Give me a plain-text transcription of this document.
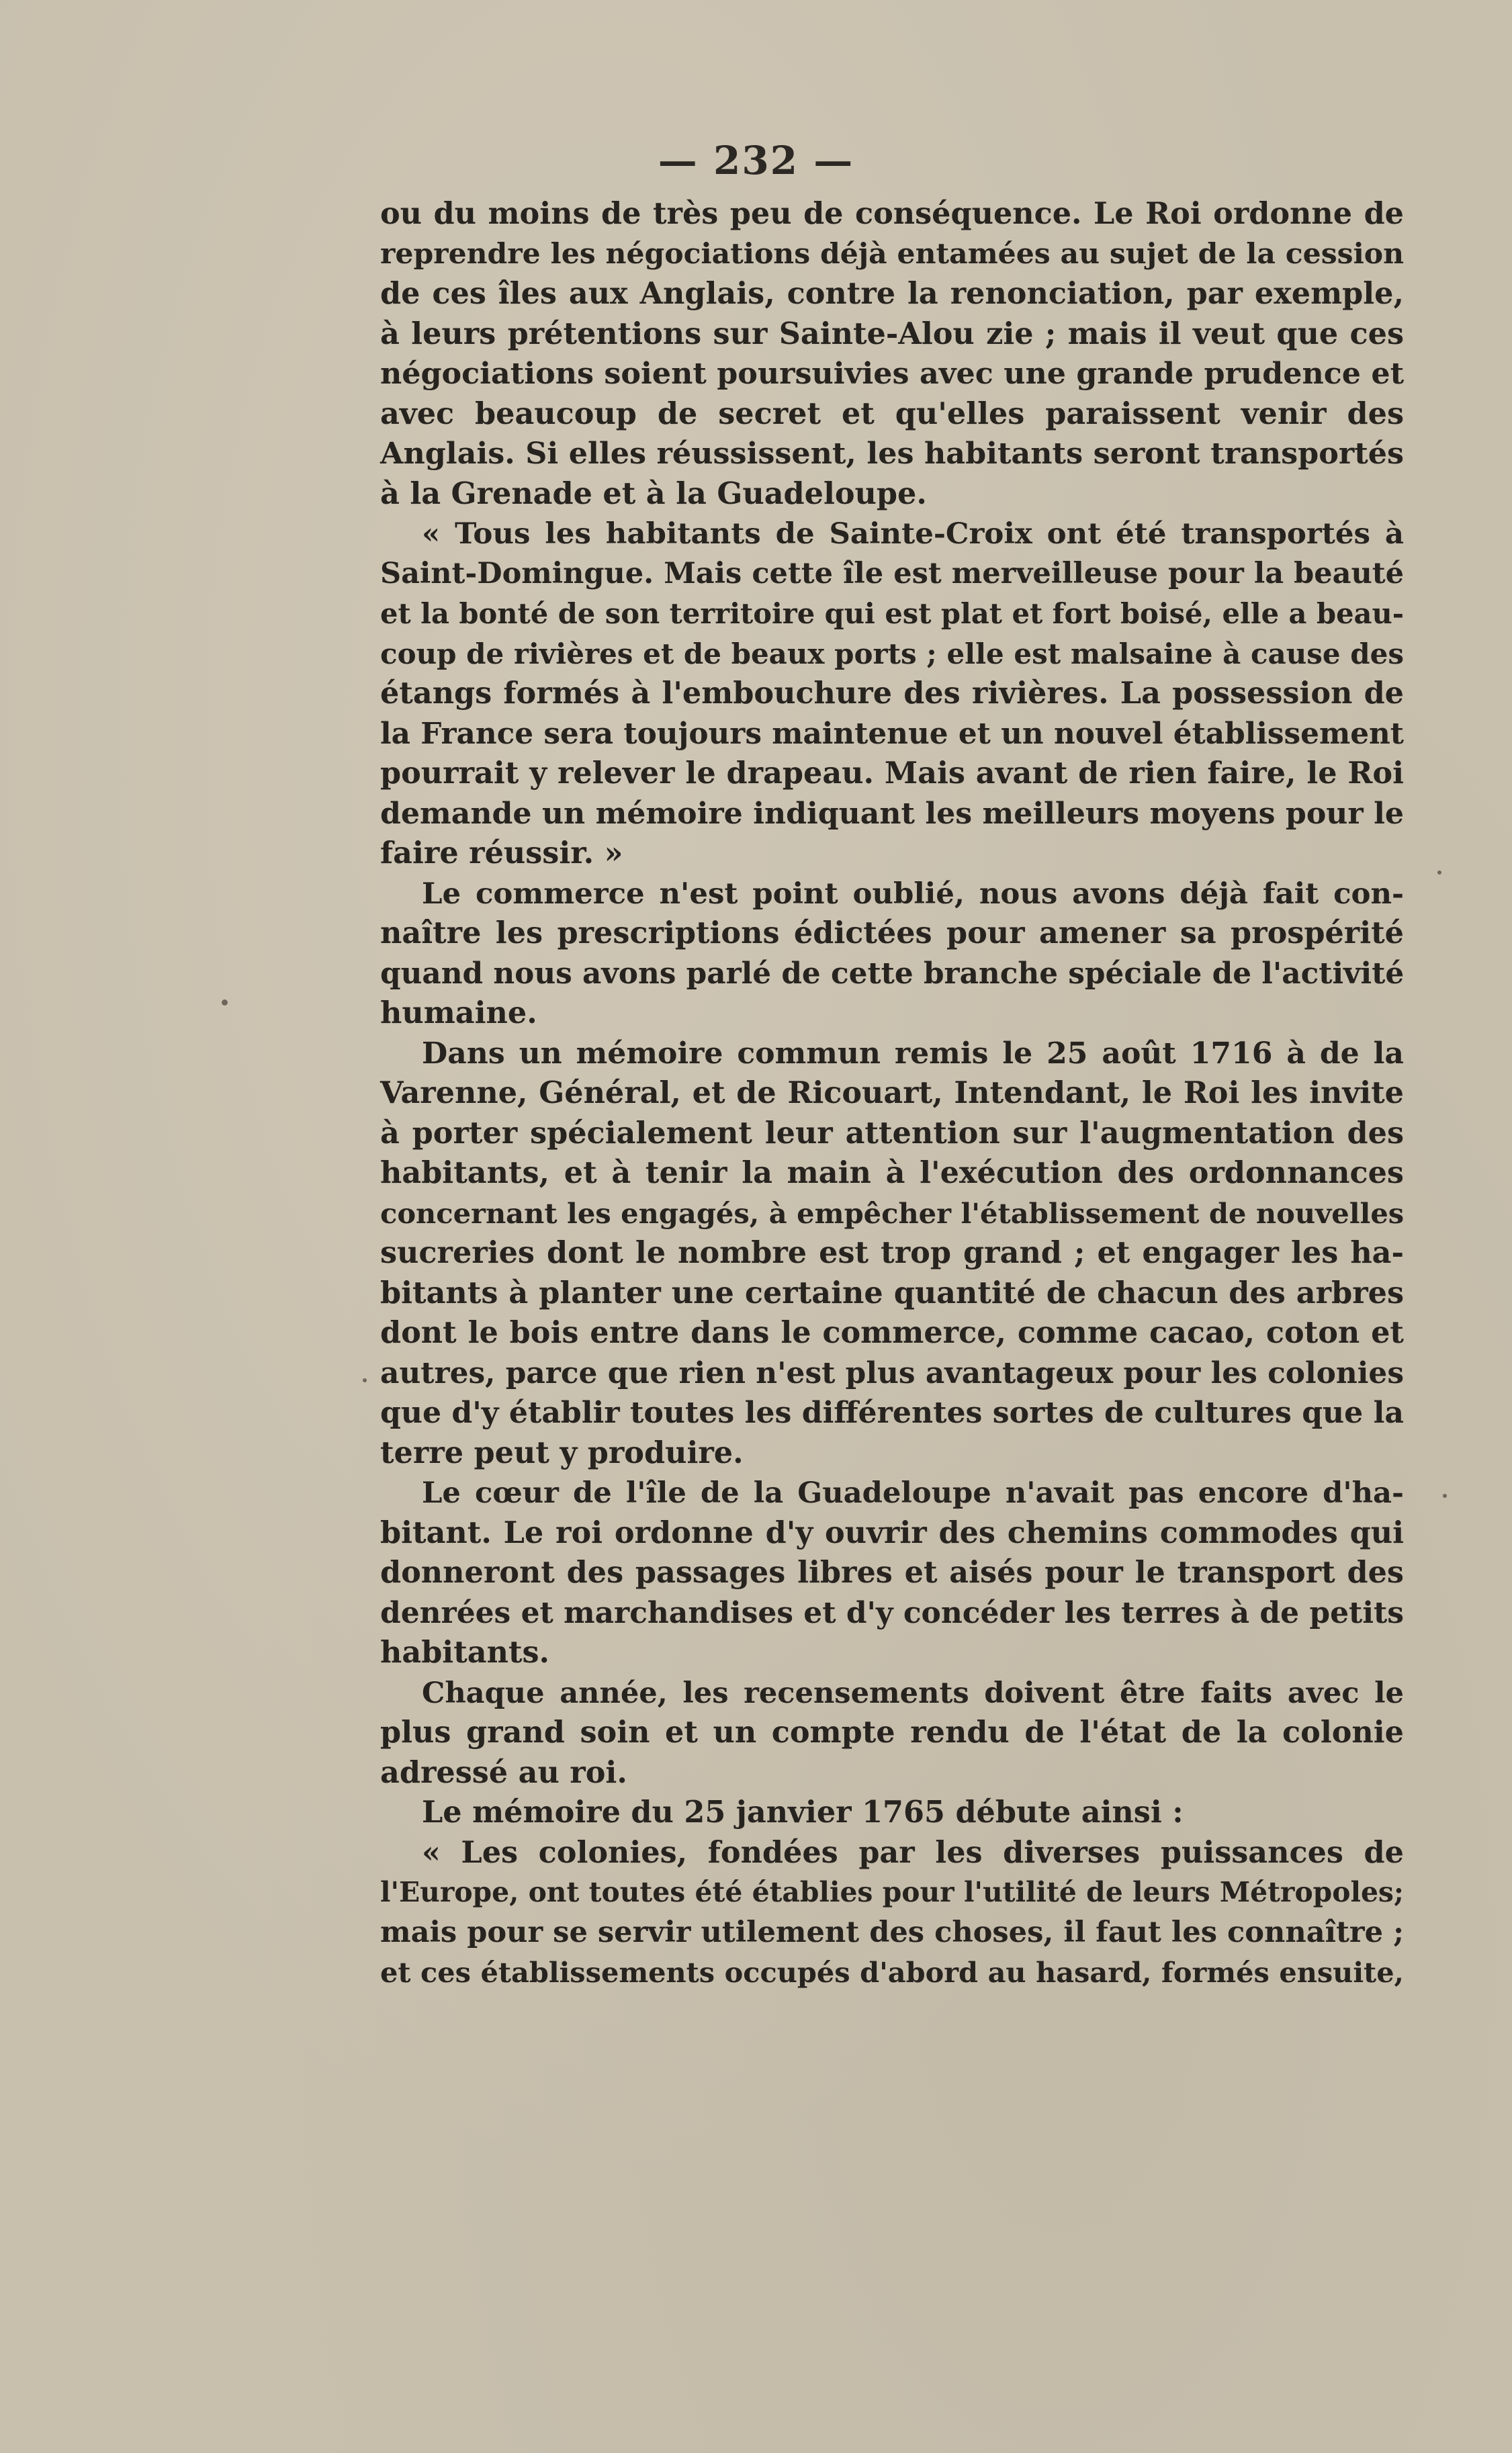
— 232 —
ou du moins de très peu de conséquence. Le Roi ordonne de
reprendre les négociations déjà entamées au sujet de la cession
de ces îles aux Anglais, contre la renonciation, par exemple,
à leurs prétentions sur Sainte-Alou zie ; mais il veut que ces
négociations soient poursuivies avec une grande prudence et
avec beaucoup de secret et qu'elles paraissent venir des
Anglais. Si elles réussissent, les habitants seront transportés
à la Grenade et à la Guadeloupe.
« Tous les habitants de Sainte-Croix ont été transportés à
Saint-Domingue. Mais cette île est merveilleuse pour la beauté
et la bonté de son territoire qui est plat et fort boisé, elle a beau-
coup de rivières et de beaux ports ; elle est malsaine à cause des
étangs formés à l'embouchure des rivières. La possession de
la France sera toujours maintenue et un nouvel établissement
pourrait y relever le drapeau. Mais avant de rien faire, le Roi
demande un mémoire indiquant les meilleurs moyens pour le
faire réussir. »
Le commerce n'est point oublié, nous avons déjà fait con-
naître les prescriptions édictées pour amener sa prospérité
quand nous avons parlé de cette branche spéciale de l'activité
humaine.
Dans un mémoire commun remis le 25 août 1716 à de la
Varenne, Général, et de Ricouart, Intendant, le Roi les invite
à porter spécialement leur attention sur l'augmentation des
habitants, et à tenir la main à l'exécution des ordonnances
concernant les engagés, à empêcher l'établissement de nouvelles
sucreries dont le nombre est trop grand ; et engager les ha-
bitants à planter une certaine quantité de chacun des arbres
dont le bois entre dans le commerce, comme cacao, coton et
autres, parce que rien n'est plus avantageux pour les colonies
que d'y établir toutes les différentes sortes de cultures que la
terre peut y produire.
Le cœur de l'île de la Guadeloupe n'avait pas encore d'ha-
bitant. Le roi ordonne d'y ouvrir des chemins commodes qui
donneront des passages libres et aisés pour le transport des
denrées et marchandises et d'y concéder les terres à de petits
habitants.
Chaque année, les recensements doivent être faits avec le
plus grand soin et un compte rendu de l'état de la colonie
adressé au roi.
Le mémoire du 25 janvier 1765 débute ainsi :
« Les colonies, fondées par les diverses puissances de
l'Europe, ont toutes été établies pour l'utilité de leurs Métropoles;
mais pour se servir utilement des choses, il faut les connaître ;
et ces établissements occupés d'abord au hasard, formés ensuite,
